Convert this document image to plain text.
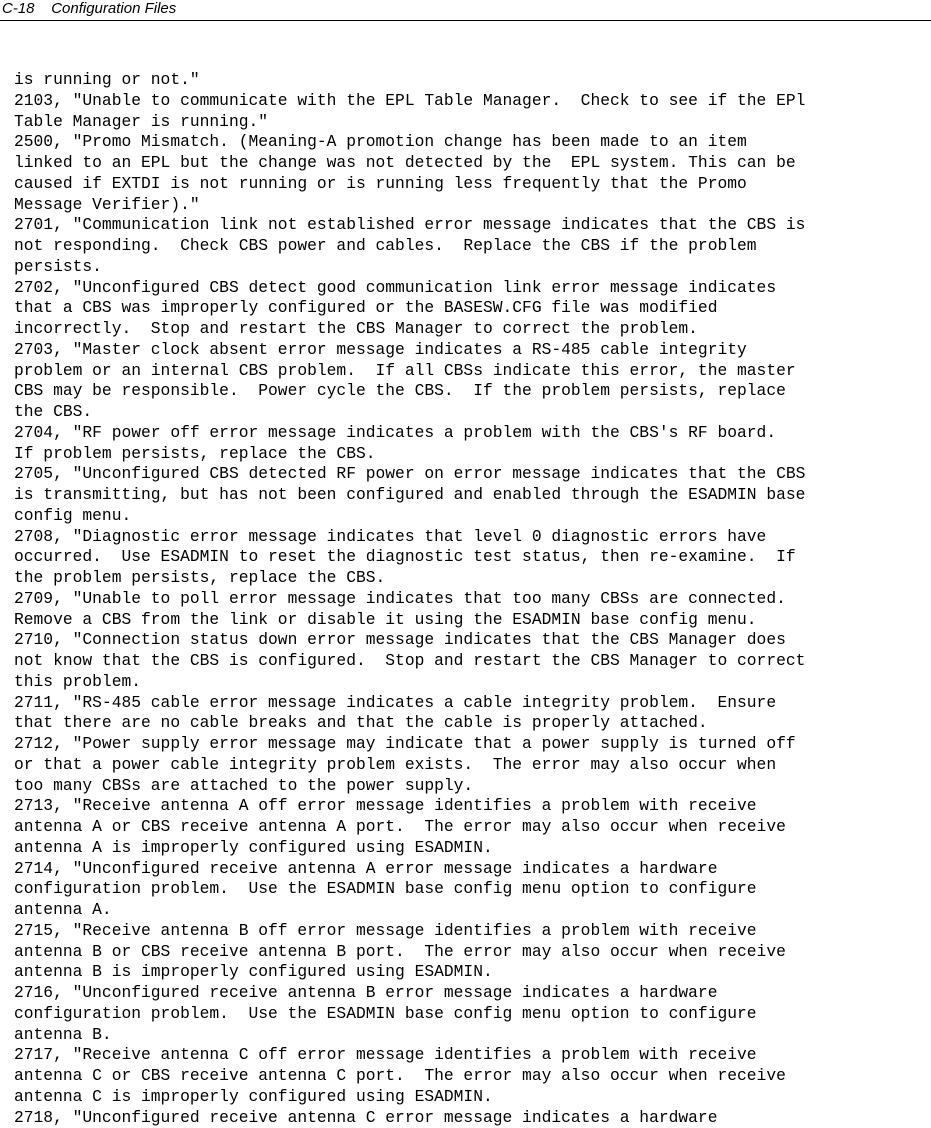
C-18 Configuration Files
is running or not."
2103, "Unable to communicate with the EPL Table Manager.  Check to see if the EPl
Table Manager is running."
2500, "Promo Mismatch. (Meaning-A promotion change has been made to an item
linked to an EPL but the change was not detected by the  EPL system. This can be
caused if EXTDI is not running or is running less frequently that the Promo
Message Verifier)."
2701, "Communication link not established error message indicates that the CBS is
not responding.  Check CBS power and cables.  Replace the CBS if the problem
persists.
2702, "Unconfigured CBS detect good communication link error message indicates
that a CBS was improperly configured or the BASESW.CFG file was modified
incorrectly.  Stop and restart the CBS Manager to correct the problem.
2703, "Master clock absent error message indicates a RS-485 cable integrity
problem or an internal CBS problem.  If all CBSs indicate this error, the master
CBS may be responsible.  Power cycle the CBS.  If the problem persists, replace
the CBS.
2704, "RF power off error message indicates a problem with the CBS's RF board.
If problem persists, replace the CBS.
2705, "Unconfigured CBS detected RF power on error message indicates that the CBS
is transmitting, but has not been configured and enabled through the ESADMIN base
config menu.
2708, "Diagnostic error message indicates that level 0 diagnostic errors have
occurred.  Use ESADMIN to reset the diagnostic test status, then re-examine.  If
the problem persists, replace the CBS.
2709, "Unable to poll error message indicates that too many CBSs are connected.
Remove a CBS from the link or disable it using the ESADMIN base config menu.
2710, "Connection status down error message indicates that the CBS Manager does
not know that the CBS is configured.  Stop and restart the CBS Manager to correct
this problem.
2711, "RS-485 cable error message indicates a cable integrity problem.  Ensure
that there are no cable breaks and that the cable is properly attached.
2712, "Power supply error message may indicate that a power supply is turned off
or that a power cable integrity problem exists.  The error may also occur when
too many CBSs are attached to the power supply.
2713, "Receive antenna A off error message identifies a problem with receive
antenna A or CBS receive antenna A port.  The error may also occur when receive
antenna A is improperly configured using ESADMIN.
2714, "Unconfigured receive antenna A error message indicates a hardware
configuration problem.  Use the ESADMIN base config menu option to configure
antenna A.
2715, "Receive antenna B off error message identifies a problem with receive
antenna B or CBS receive antenna B port.  The error may also occur when receive
antenna B is improperly configured using ESADMIN.
2716, "Unconfigured receive antenna B error message indicates a hardware
configuration problem.  Use the ESADMIN base config menu option to configure
antenna B.
2717, "Receive antenna C off error message identifies a problem with receive
antenna C or CBS receive antenna C port.  The error may also occur when receive
antenna C is improperly configured using ESADMIN.
2718, "Unconfigured receive antenna C error message indicates a hardware
